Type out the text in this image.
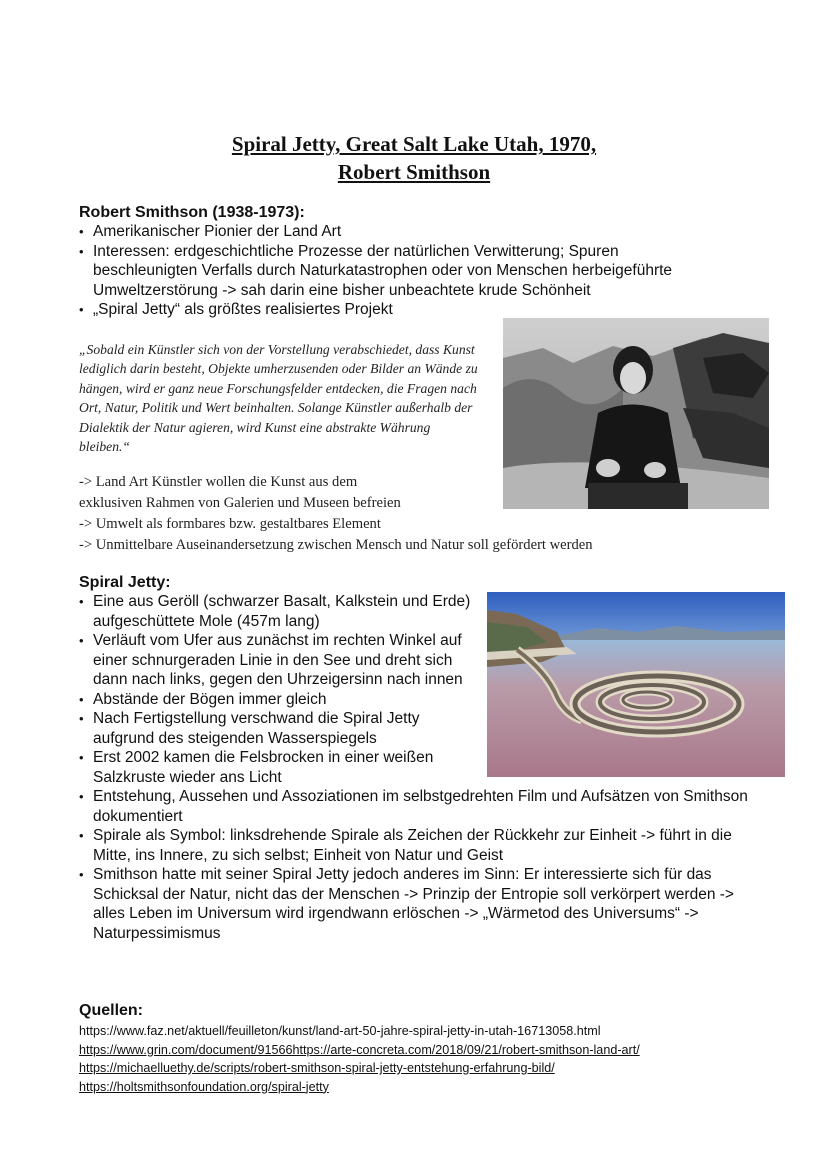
Spiral Jetty, Great Salt Lake Utah, 1970,
Robert Smithson
Robert Smithson (1938-1973):
• Amerikanischer Pionier der Land Art
• Interessen: erdgeschichtliche Prozesse der natürlichen Verwitterung; Spuren beschleunigten Verfalls durch Naturkatastrophen oder von Menschen herbeigeführte Umweltzerstörung -> sah darin eine bisher unbeachtete krude Schönheit
• „Spiral Jetty“ als größtes realisiertes Projekt
„Sobald ein Künstler sich von der Vorstellung verabschiedet, dass Kunst lediglich darin besteht, Objekte umherzusenden oder Bilder an Wände zu hängen, wird er ganz neue Forschungsfelder entdecken, die Fragen nach Ort, Natur, Politik und Wert beinhalten. Solange Künstler außerhalb der Dialektik der Natur agieren, wird Kunst eine abstrakte Währung bleiben.“
-> Land Art Künstler wollen die Kunst aus dem
exklusiven Rahmen von Galerien und Museen befreien
-> Umwelt als formbares bzw. gestaltbares Element
-> Unmittelbare Auseinandersetzung zwischen Mensch und Natur soll gefördert werden
Spiral Jetty:
• Eine aus Geröll (schwarzer Basalt, Kalkstein und Erde) aufgeschüttete Mole (457m lang)
• Verläuft vom Ufer aus zunächst im rechten Winkel auf einer schnurgeraden Linie in den See und dreht sich dann nach links, gegen den Uhrzeigersinn nach innen
• Abstände der Bögen immer gleich
• Nach Fertigstellung verschwand die Spiral Jetty aufgrund des steigenden Wasserspiegels
• Erst 2002 kamen die Felsbrocken in einer weißen Salzkruste wieder ans Licht
• Entstehung, Aussehen und Assoziationen im selbstgedrehten Film und Aufsätzen von Smithson dokumentiert
• Spirale als Symbol: linksdrehende Spirale als Zeichen der Rückkehr zur Einheit -> führt in die Mitte, ins Innere, zu sich selbst; Einheit von Natur und Geist
• Smithson hatte mit seiner Spiral Jetty jedoch anderes im Sinn: Er interessierte sich für das Schicksal der Natur, nicht das der Menschen -> Prinzip der Entropie soll verkörpert werden -> alles Leben im Universum wird irgendwann erlöschen -> „Wärmetod des Universums“ -> Naturpessimismus
Quellen:
https://www.faz.net/aktuell/feuilleton/kunst/land-art-50-jahre-spiral-jetty-in-utah-16713058.html
https://www.grin.com/document/91566https://arte-concreta.com/2018/09/21/robert-smithson-land-art/
https://michaelluethy.de/scripts/robert-smithson-spiral-jetty-entstehung-erfahrung-bild/
https://holtsmithsonfoundation.org/spiral-jetty
